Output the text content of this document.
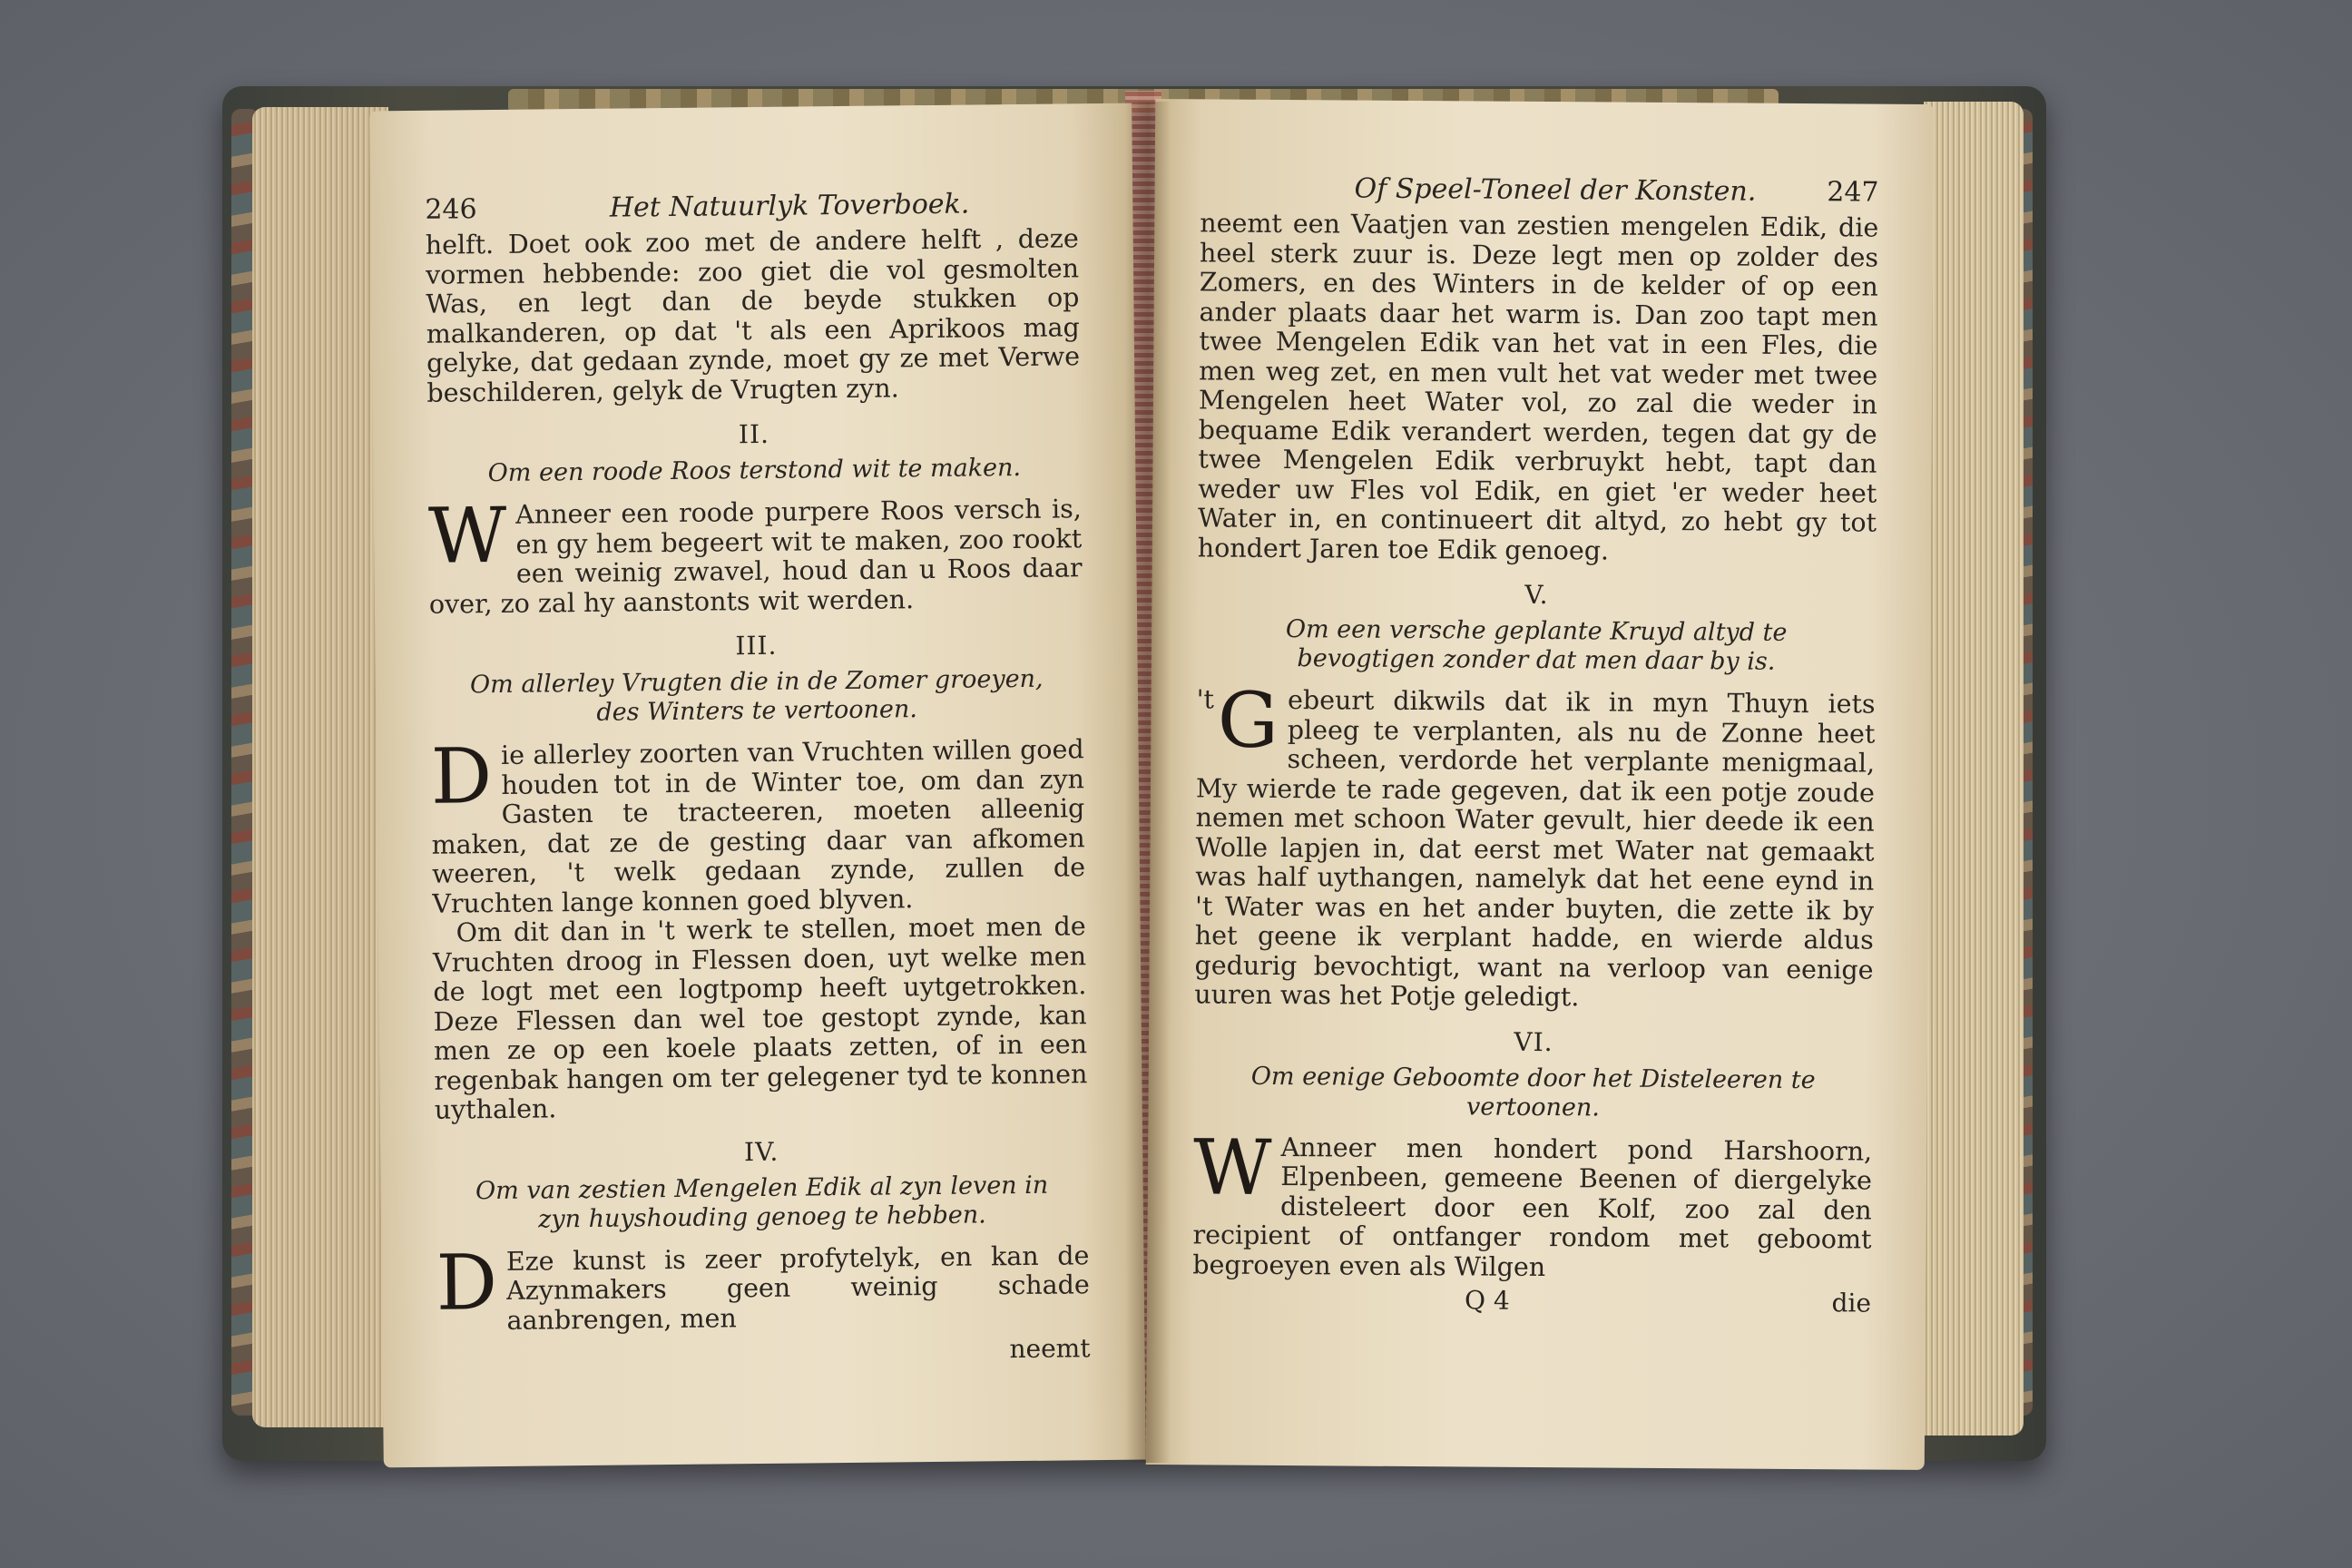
246	Het Natuurlyk Toverboek.

helft. Doet ook zoo met de andere helft , deze vormen hebbende: zoo giet die vol gesmolten Was, en legt dan de beyde stukken op malkanderen, op dat 't als een Aprikoos mag gelyke, dat gedaan zynde, moet gy ze met Verwe beschilderen, gelyk de Vrugten zyn.

II.
Om een roode Roos terstond wit te maken.

W Anneer een roode purpere Roos versch is, en gy hem begeert wit te maken, zoo rookt een weinig zwavel, houd dan u Roos daar over, zo zal hy aanstonts wit werden.

III.
Om allerley Vrugten die in de Zomer groeyen, des Winters te vertoonen.

Die allerley zoorten van Vruchten willen goed houden tot in de Winter toe, om dan zyn Gasten te tracteeren, moeten alleenig maken, dat ze de gesting daar van afkomen weeren, 't welk gedaan zynde, zullen de Vruchten lange konnen goed blyven.

Om dit dan in 't werk te stellen, moet men de Vruchten droog in Flessen doen, uyt welke men de logt met een logtpomp heeft uytgetrokken. Deze Flessen dan wel toe gestopt zynde, kan men ze op een koele plaats zetten, of in een regenbak hangen om ter gelegener tyd te konnen uythalen.

IV.
Om van zestien Mengelen Edik al zyn leven in zyn huyshouding genoeg te hebben.

D Eze kunst is zeer profytelyk, en kan de Azynmakers geen weinig schade aanbrengen, men

neemt
Of Speel-Toneel der Konsten.	247

neemt een Vaatjen van zestien mengelen Edik, die heel sterk zuur is. Deze legt men op zolder des Zomers, en des Winters in de kelder of op een ander plaats daar het warm is. Dan zoo tapt men twee Mengelen Edik van het vat in een Fles, die men weg zet, en men vult het vat weder met twee Mengelen heet Water vol, zo zal die weder in bequame Edik verandert werden, tegen dat gy de twee Mengelen Edik verbruykt hebt, tapt dan weder uw Fles vol Edik, en giet 'er weder heet Water in, en continueert dit altyd, zo hebt gy tot hondert Jaren toe Edik genoeg.

V.
Om een versche geplante Kruyd altyd te bevogtigen zonder dat men daar by is.

't G ebeurt dikwils dat ik in myn Thuyn iets pleeg te verplanten, als nu de Zonne heet scheen, verdorde het verplante menigmaal, My wierde te rade gegeven, dat ik een potje zoude nemen met schoon Water gevult, hier deede ik een Wolle lapjen in, dat eerst met Water nat gemaakt was half uythangen, namelyk dat het eene eynd in 't Water was en het ander buyten, die zette ik by het geene ik verplant hadde, en wierde aldus gedurig bevochtigt, want na verloop van eenige uuren was het Potje geledigt.

VI.
Om eenige Geboomte door het Disteleeren te vertoonen.

W Anneer men hondert pond Harshoorn, Elpenbeen, gemeene Beenen of diergelyke disteleert door een Kolf, zoo zal den recipient of ontfanger rondom met geboomt begroeyen even als Wilgen

Q 4	die
